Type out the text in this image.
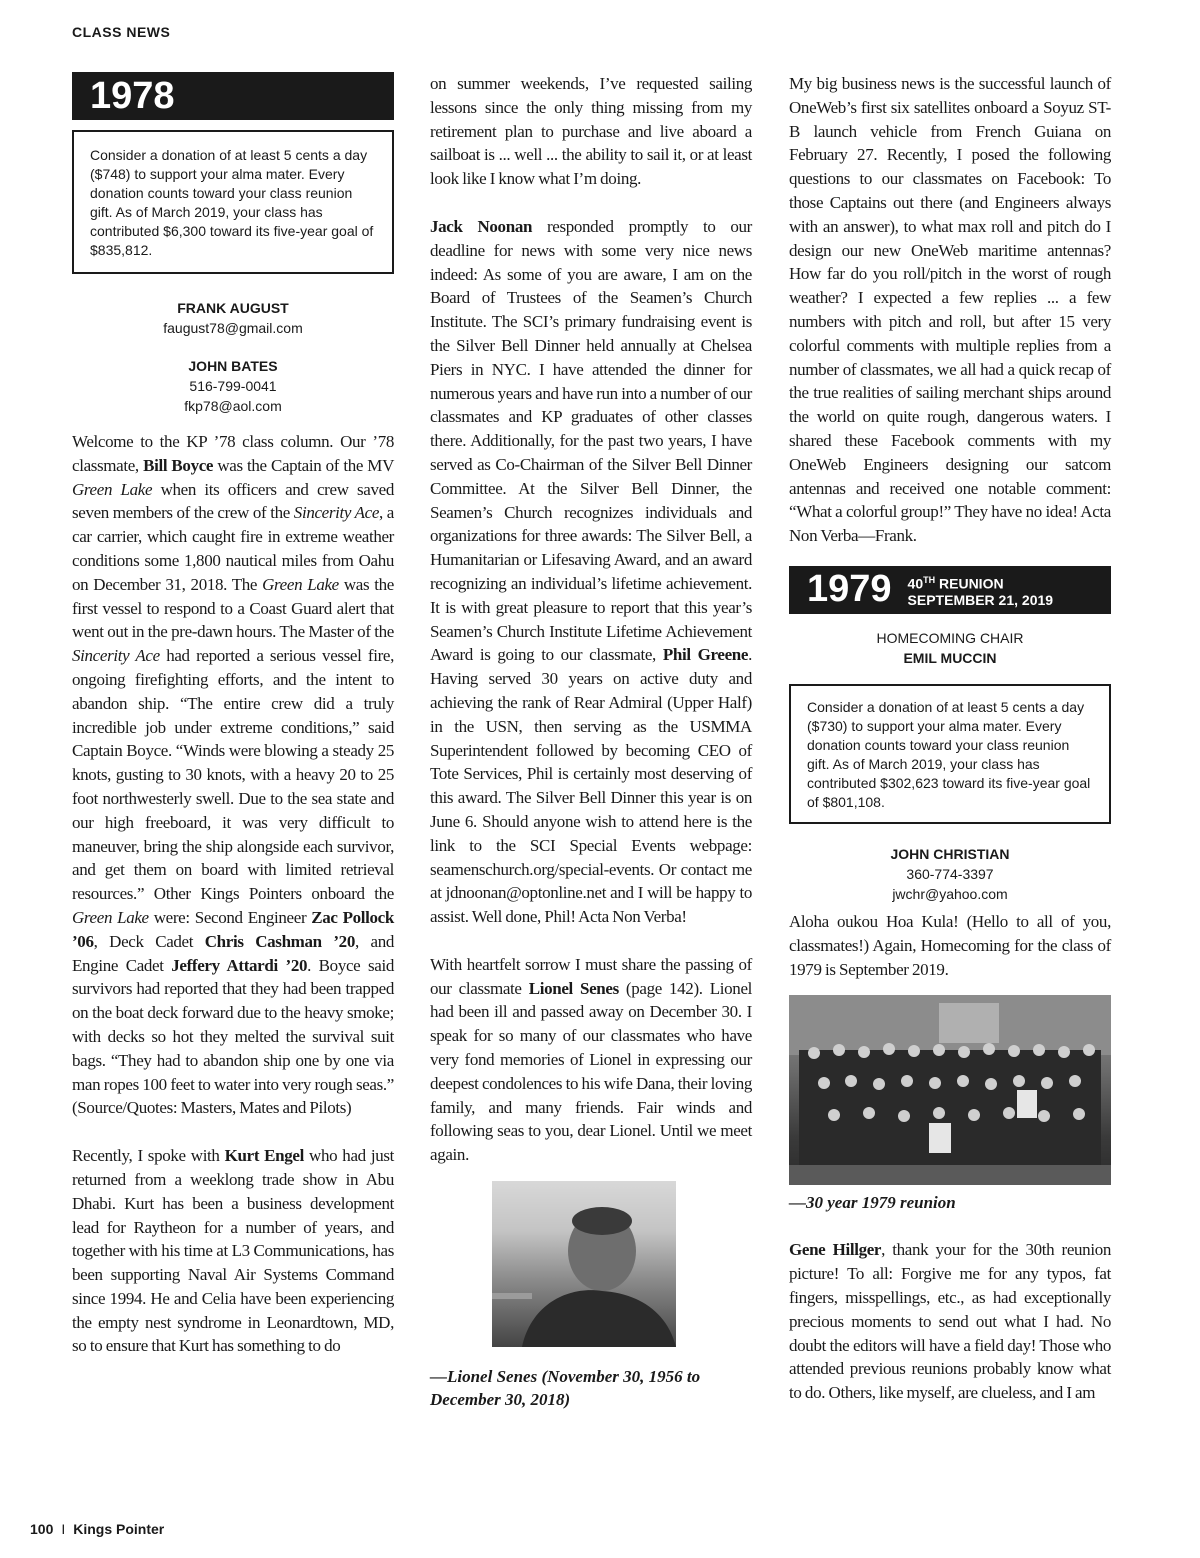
CLASS NEWS
1978
Consider a donation of at least 5 cents a day ($748) to support your alma mater. Every donation counts toward your class reunion gift. As of March 2019, your class has contributed $6,300 toward its five-year goal of $835,812.
FRANK AUGUST
faugust78@gmail.com
JOHN BATES
516-799-0041
fkp78@aol.com

Welcome to the KP ’78 class column. Our ’78 classmate, Bill Boyce was the Captain of the MV Green Lake when its officers and crew saved seven members of the crew of the Sincerity Ace, a car carrier, which caught fire in extreme weather conditions some 1,800 nautical miles from Oahu on December 31, 2018. The Green Lake was the first vessel to respond to a Coast Guard alert that went out in the pre-dawn hours. The Master of the Sincerity Ace had reported a serious vessel fire, ongoing firefighting efforts, and the intent to abandon ship. “The entire crew did a truly incredible job under extreme conditions,” said Captain Boyce. “Winds were blowing a steady 25 knots, gusting to 30 knots, with a heavy 20 to 25 foot northwesterly swell. Due to the sea state and our high freeboard, it was very difficult to maneuver, bring the ship alongside each survivor, and get them on board with limited retrieval resources.” Other Kings Pointers onboard the Green Lake were: Second Engineer Zac Pollock ’06, Deck Cadet Chris Cashman ’20, and Engine Cadet Jeffery Attardi ’20. Boyce said survivors had reported that they had been trapped on the boat deck forward due to the heavy smoke; with decks so hot they melted the survival suit bags. “They had to abandon ship one by one via man ropes 100 feet to water into very rough seas.” (Source/Quotes: Masters, Mates and Pilots)

Recently, I spoke with Kurt Engel who had just returned from a weeklong trade show in Abu Dhabi. Kurt has been a business development lead for Raytheon for a number of years, and together with his time at L3 Communications, has been supporting Naval Air Systems Command since 1994. He and Celia have been experiencing the empty nest syndrome in Leonardtown, MD, so to ensure that Kurt has something to do

on summer weekends, I’ve requested sailing lessons since the only thing missing from my retirement plan to purchase and live aboard a sailboat is ... well ... the ability to sail it, or at least look like I know what I’m doing.

Jack Noonan responded promptly to our deadline for news with some very nice news indeed: As some of you are aware, I am on the Board of Trustees of the Seamen’s Church Institute. The SCI’s primary fundraising event is the Silver Bell Dinner held annually at Chelsea Piers in NYC. I have attended the dinner for numerous years and have run into a number of our classmates and KP graduates of other classes there. Additionally, for the past two years, I have served as Co-Chairman of the Silver Bell Dinner Committee. At the Silver Bell Dinner, the Seamen’s Church recognizes individuals and organizations for three awards: The Silver Bell, a Humanitarian or Lifesaving Award, and an award recognizing an individual’s lifetime achievement. It is with great pleasure to report that this year’s Seamen’s Church Institute Lifetime Achievement Award is going to our classmate, Phil Greene. Having served 30 years on active duty and achieving the rank of Rear Admiral (Upper Half) in the USN, then serving as the USMMA Superintendent followed by becoming CEO of Tote Services, Phil is certainly most deserving of this award. The Silver Bell Dinner this year is on June 6. Should anyone wish to attend here is the link to the SCI Special Events webpage: seamenschurch.org/special-events. Or contact me at jdnoonan@optonline.net and I will be happy to assist. Well done, Phil! Acta Non Verba!

With heartfelt sorrow I must share the passing of our classmate Lionel Senes (page 142). Lionel had been ill and passed away on December 30. I speak for so many of our classmates who have very fond memories of Lionel in expressing our deepest condolences to his wife Dana, their loving family, and many friends. Fair winds and following seas to you, dear Lionel. Until we meet again.

—Lionel Senes (November 30, 1956 to December 30, 2018)

My big business news is the successful launch of OneWeb’s first six satellites onboard a Soyuz ST-B launch vehicle from French Guiana on February 27. Recently, I posed the following questions to our classmates on Facebook: To those Captains out there (and Engineers always with an answer), to what max roll and pitch do I design our new OneWeb maritime antennas? How far do you roll/pitch in the worst of rough weather? I expected a few replies ... a few numbers with pitch and roll, but after 15 very colorful comments with multiple replies from a number of classmates, we all had a quick recap of the true realities of sailing merchant ships around the world on quite rough, dangerous waters. I shared these Facebook comments with my OneWeb Engineers designing our satcom antennas and received one notable comment: “What a colorful group!” They have no idea! Acta Non Verba—Frank.

1979 40TH REUNION
SEPTEMBER 21, 2019
HOMECOMING CHAIR
EMIL MUCCIN
Consider a donation of at least 5 cents a day ($730) to support your alma mater. Every donation counts toward your class reunion gift. As of March 2019, your class has contributed $302,623 toward its five-year goal of $801,108.
JOHN CHRISTIAN
360-774-3397
jwchr@yahoo.com

Aloha oukou Hoa Kula! (Hello to all of you, classmates!) Again, Homecoming for the class of 1979 is September 2019.

—30 year 1979 reunion

Gene Hillger, thank your for the 30th reunion picture! To all: Forgive me for any typos, fat fingers, misspellings, etc., as had exceptionally precious moments to send out what I had. No doubt the editors will have a field day! Those who attended previous reunions probably know what to do. Others, like myself, are clueless, and I am

100 I Kings Pointer
